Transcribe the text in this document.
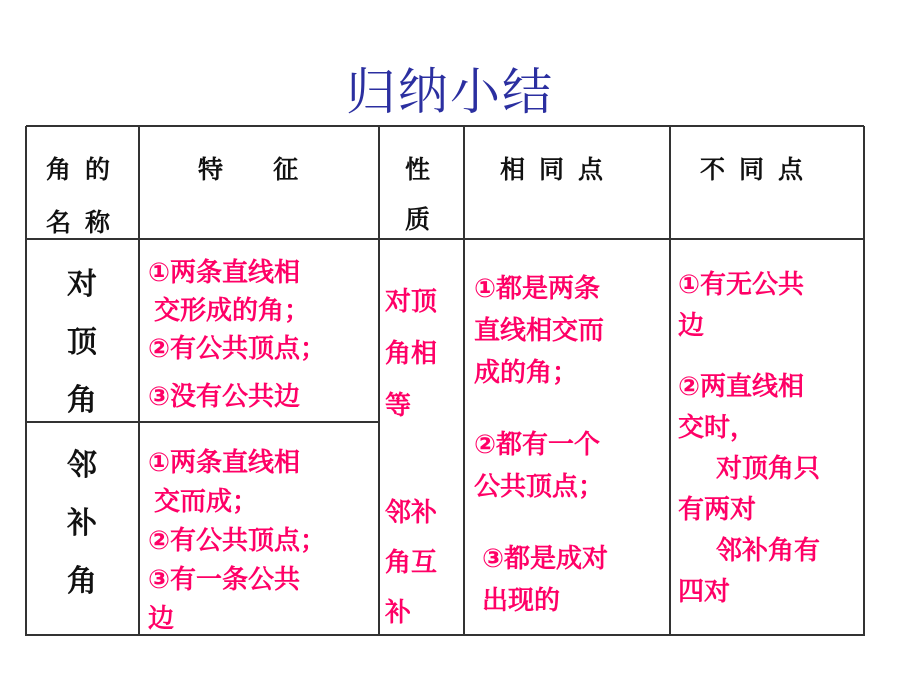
归纳小结
角的
名称
特   征	性
质
相同点	不同点
对
顶
角
①两条直线相
交形成的角；
②有公共顶点；
③没有公共边
对顶
角相
等
邻
补
角
①两条直线相
交而成；
②有公共顶点；
③有一条公共
边
邻补
角互
补
①都是两条
直线相交而
成的角；
②都有一个
公共顶点；
③都是成对
出现的
①有无公共
边
②两直线相
交时，
对顶角只
有两对
邻补角有
四对
